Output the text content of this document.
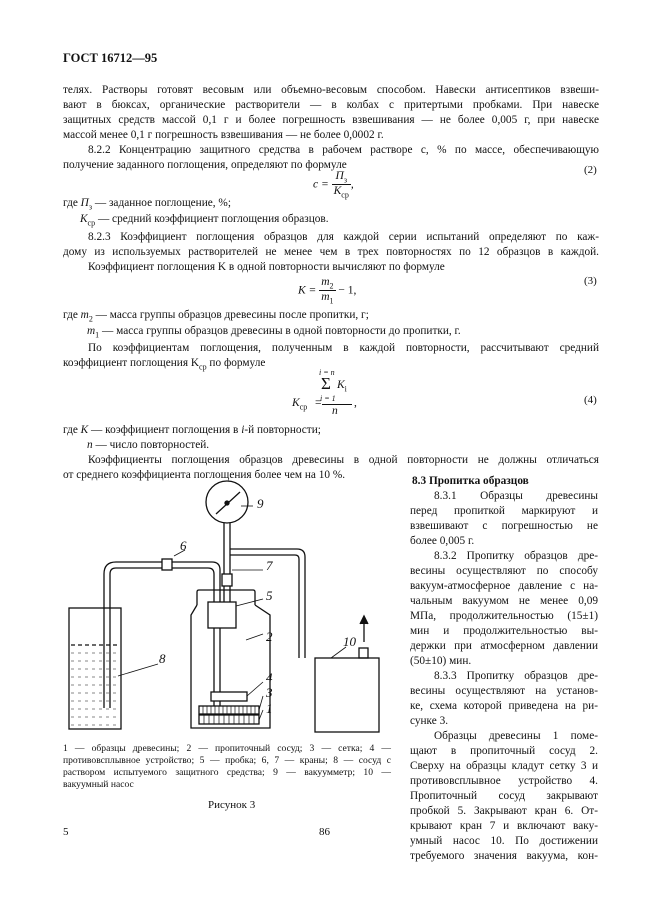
ГОСТ 16712—95
телях. Растворы готовят весовым или объемно-весовым способом. Навески антисептиков взвеши-
вают в бюксах, органические растворители — в колбах с притертыми пробками. При навеске
защитных средств массой 0,1 г и более погрешность взвешивания — не более 0,005 г, при навеске
массой менее 0,1 г погрешность взвешивания — не более 0,0002 г.
8.2.2 Концентрацию защитного средства в рабочем растворе c, % по массе, обеспечивающую
получение заданного поглощения, определяют по формуле
$c = \frac{П_з}{K_{ср}}$ ,
(2)
где $П_з$ — заданное поглощение, %;
$K_{ср}$ — средний коэффициент поглощения образцов.
8.2.3 Коэффициент поглощения образцов для каждой серии испытаний определяют по каж-
дому из используемых растворителей не менее чем в трех повторностях по 12 образцов в каждой.
Коэффициент поглощения K в одной повторности вычисляют по формуле
$K = \frac{m_2}{m_1} - 1$,
(3)
где $m_2$ — масса группы образцов древесины после пропитки, г;
$m_1$ — масса группы образцов древесины в одной повторности до пропитки, г.
По коэффициентам поглощения, полученным в каждой повторности, рассчитывают средний
коэффициент поглощения $K_{ср}$ по формуле
i = n
Σ $K_i$
$K_{ср}$ =
i = 1
n
,	(4)
где K — коэффициент поглощения в i-й повторности;
n — число повторностей.
Коэффициенты поглощения образцов древесины в одной повторности не должны отличаться
от среднего коэффициента поглощения более чем на 10 %.	8.3 Пропитка образцов
8.3.1 Образцы древесины
перед пропиткой маркируют и
взвешивают с погрешностью не
более 0,005 г.
8.3.2 Пропитку образцов дре-
весины осуществляют по способу
вакуум-атмосферное давление с на-
чальным вакуумом не менее 0,09
МПа, продолжительностью (15±1)
мин и продолжительностью вы-
держки при атмосферном давлении
(50±10) мин.
8.3.3 Пропитку образцов дре-
весины осуществляют на установ-
ке, схема которой приведена на ри-
сунке 3.
Образцы древесины 1 поме-
щают в пропиточный сосуд 2.
Сверху на образцы кладут сетку 3 и
противовсплывное устройство 4.
Пропиточный сосуд закрывают
пробкой 5. Закрывают кран 6. От-
крывают кран 7 и включают ваку-
умный насос 10. По достижении
требуемого значения вакуума, кон-
9
6
7
5
2
4
3
1
8
10
1 — образцы древесины; 2 — пропиточный сосуд; 3 — сетка; 4 — противовсплывное устройство; 5 — пробка; 6, 7 — краны; 8 — сосуд с раствором испытуемого защитного средства; 9 — вакуумметр; 10 — вакуумный насос
Рисунок 3
5	86
